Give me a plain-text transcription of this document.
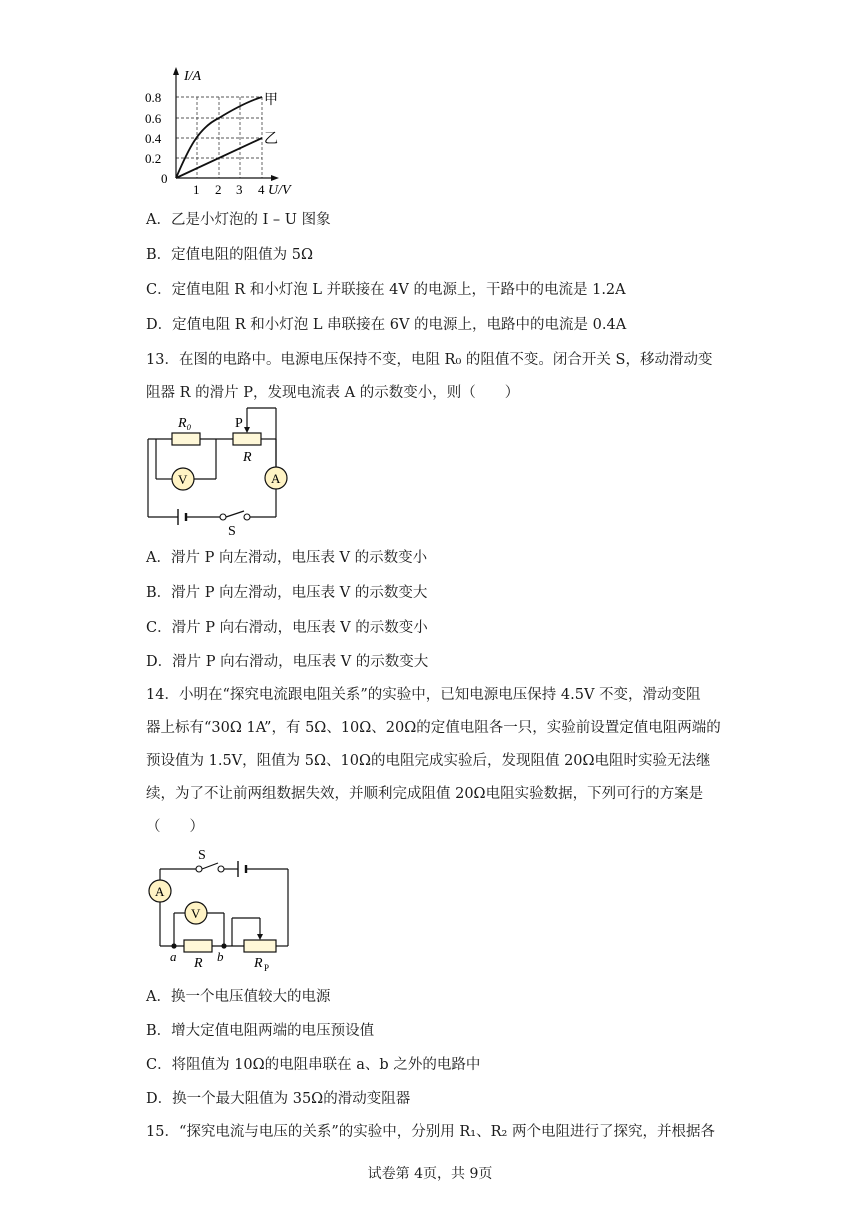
I/A
0.8
0.6
0.4
0.2
0
1 2 3 4 U/V
甲
乙
A．乙是小灯泡的 I – U 图象
B．定值电阻的阻值为 5Ω
C．定值电阻 R 和小灯泡 L 并联接在 4V 的电源上，干路中的电流是 1.2A
D．定值电阻 R 和小灯泡 L 串联接在 6V 的电源上，电路中的电流是 0.4A
13．在图的电路中。电源电压保持不变，电阻 R₀ 的阻值不变。闭合开关 S，移动滑动变
阻器 R 的滑片 P，发现电流表 A 的示数变小，则（　　）
R₀	P
R
V	A
S
A．滑片 P 向左滑动，电压表 V 的示数变小
B．滑片 P 向左滑动，电压表 V 的示数变大
C．滑片 P 向右滑动，电压表 V 的示数变小
D．滑片 P 向右滑动，电压表 V 的示数变大
14．小明在“探究电流跟电阻关系”的实验中，已知电源电压保持 4.5V 不变，滑动变阻
器上标有“30Ω 1A”，有 5Ω、10Ω、20Ω的定值电阻各一只，实验前设置定值电阻两端的
预设值为 1.5V，阻值为 5Ω、10Ω的电阻完成实验后，发现阻值 20Ω电阻时实验无法继
续，为了不让前两组数据失效，并顺利完成阻值 20Ω电阻实验数据，下列可行的方案是
（　　）
S
A
V
a R b R P
A．换一个电压值较大的电源
B．增大定值电阻两端的电压预设值
C．将阻值为 10Ω的电阻串联在 a、b 之外的电路中
D．换一个最大阻值为 35Ω的滑动变阻器
15．“探究电流与电压的关系”的实验中，分别用 R₁、R₂ 两个电阻进行了探究，并根据各
试卷第 4页，共 9页
